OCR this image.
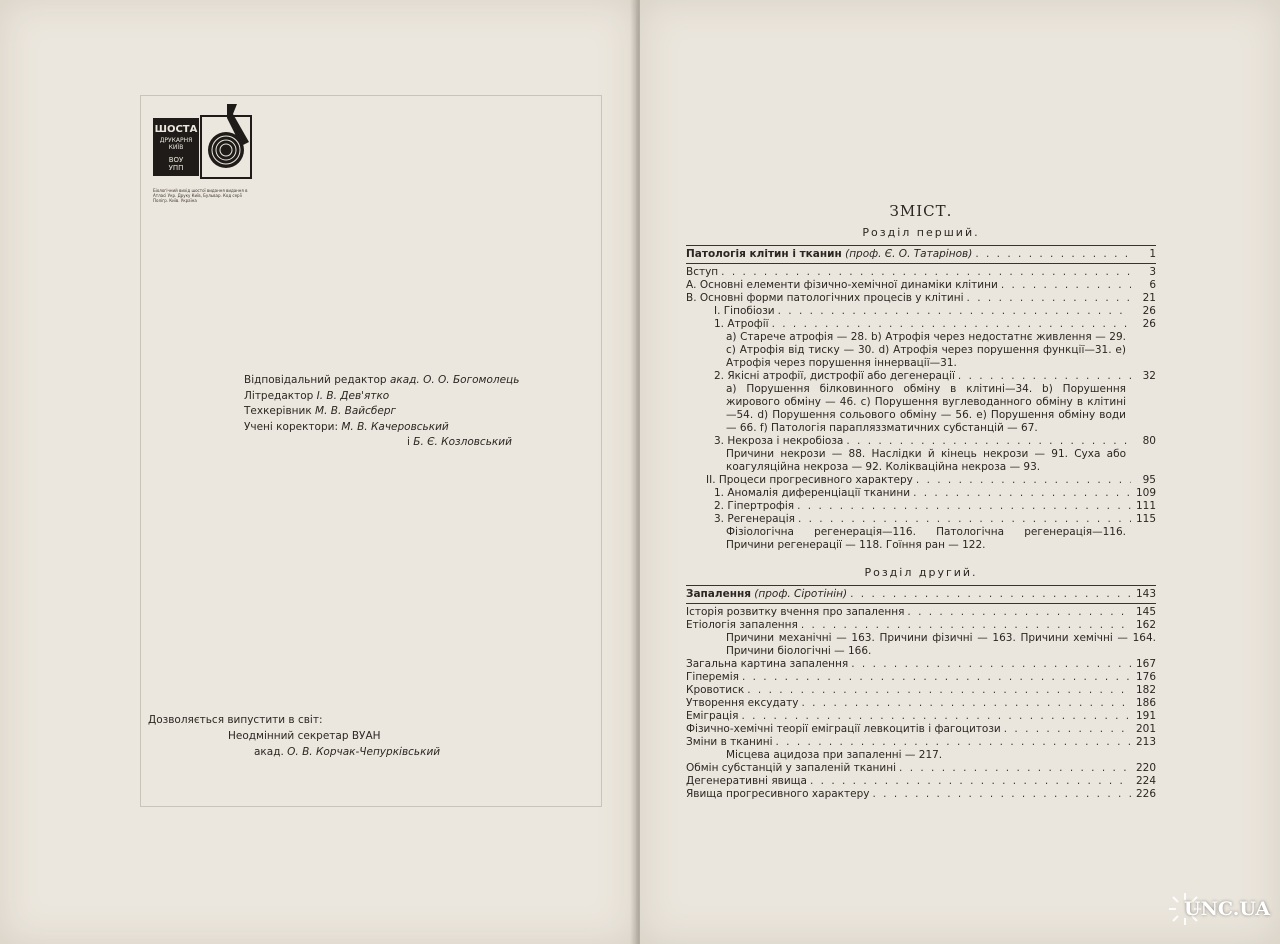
ШОСТА
ДРУКАРНЯ
КИЇВ
ВОУ
УПП
Біологічний вихід шостої видання видання в Атласі Укр. Друку Київ, Бульвар. Код серії Полігр. Київ. Україна
Відповідальний редактор акад. О. О. Богомолець
Літредактор І. В. Дев'ятко
Техкерівник М. В. Вайсберг
Учені коректори: М. В. Качеровський
і Б. Є. Козловський
Дозволяється випустити в світ:
Неодмінний секретар ВУАН
акад. О. В. Корчак-Чепурківський
ЗМІСТ.
Розділ перший.
Патологія клітин і тканин (проф. Є. О. Татарінов) . . .	1
Вступ . . .	3
А. Основні елементи фізично-хемічної динаміки клітини . . .	6
В. Основні форми патологічних процесів у клітині . . .	21
I. Гіпобіози . . .	26
1. Атрофії . . .	26
а) Старече атрофія — 28. b) Атрофія через недостатнє живлення — 29. c) Атрофія від тиску — 30. d) Атрофія через порушення функції—31. e) Атрофія через порушення іннервації—31.
2. Якісні атрофії, дистрофії або дегенерації . . .	32
а) Порушення білковинного обміну в клітині—34. b) Порушення жирового обміну — 46. c) Порушення вуглеводанного обміну в клітині—54. d) Порушення сольового обміну — 56. e) Порушення обміну води — 66. f) Патологія парапляззматичних субстанцій — 67.
3. Некроза і некробіоза . . .	80
Причини некрози — 88. Наслідки й кінець некрози — 91. Суха або коагуляційна некроза — 92. Колікваційна некроза — 93.
II. Процеси прогресивного характеру . . .	95
1. Аномалія диференціації тканини . . .	109
2. Гіпертрофія . . .	111
3. Регенерація . . .	115
Фізіологічна регенерація—116. Патологічна регенерація—116. Причини регенерації — 118. Гоїння ран — 122.
Розділ другий.
Запалення (проф. Сіротінін) . . .	143
Історія розвитку вчення про запалення . . .	145
Етіологія запалення . . .	162
Причини механічні — 163. Причини фізичні — 163. Причини хемічні — 164. Причини біологічні — 166.
Загальна картина запалення . . .	167
Гіперемія . . .	176
Кровотиск . . .	182
Утворення ексудату . . .	186
Еміграція . . .	191
Фізично-хемічні теорії еміграції левкоцитів і фагоцитози . . .	201
Зміни в тканині . . .	213
Місцева ацидоза при запаленні — 217.
Обмін субстанцій у запаленій тканині . . .	220
Дегенеративні явища . . .	224
Явища прогресивного характеру . . .	226
UNC.UA
